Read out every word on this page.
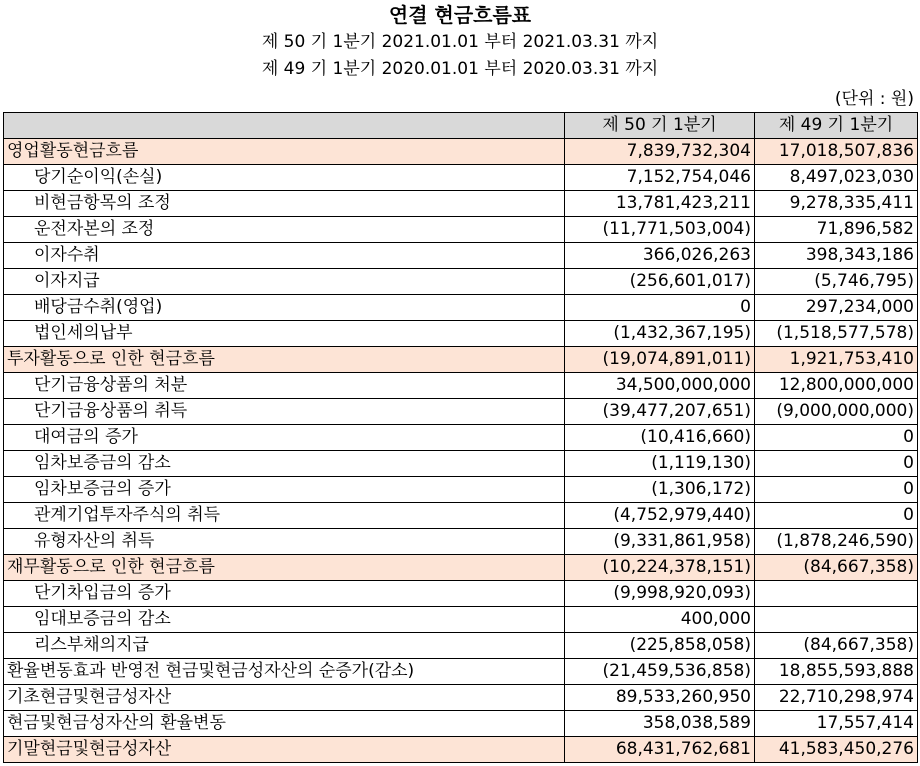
연결 현금흐름표
제 50 기 1분기 2021.01.01 부터 2021.03.31 까지
제 49 기 1분기 2020.01.01 부터 2020.03.31 까지
(단위 : 원)
	제 50 기 1분기	제 49 기 1분기
영업활동현금흐름	7,839,732,304	17,018,507,836
당기순이익(손실)	7,152,754,046	8,497,023,030
비현금항목의 조정	13,781,423,211	9,278,335,411
운전자본의 조정	(11,771,503,004)	71,896,582
이자수취	366,026,263	398,343,186
이자지급	(256,601,017)	(5,746,795)
배당금수취(영업)	0	297,234,000
법인세의납부	(1,432,367,195)	(1,518,577,578)
투자활동으로 인한 현금흐름	(19,074,891,011)	1,921,753,410
단기금융상품의 처분	34,500,000,000	12,800,000,000
단기금융상품의 취득	(39,477,207,651)	(9,000,000,000)
대여금의 증가	(10,416,660)	0
임차보증금의 감소	(1,119,130)	0
임차보증금의 증가	(1,306,172)	0
관계기업투자주식의 취득	(4,752,979,440)	0
유형자산의 취득	(9,331,861,958)	(1,878,246,590)
재무활동으로 인한 현금흐름	(10,224,378,151)	(84,667,358)
단기차입금의 증가	(9,998,920,093)	
임대보증금의 감소	400,000	
리스부채의지급	(225,858,058)	(84,667,358)
환율변동효과 반영전 현금및현금성자산의 순증가(감소)	(21,459,536,858)	18,855,593,888
기초현금및현금성자산	89,533,260,950	22,710,298,974
현금및현금성자산의 환율변동	358,038,589	17,557,414
기말현금및현금성자산	68,431,762,681	41,583,450,276
